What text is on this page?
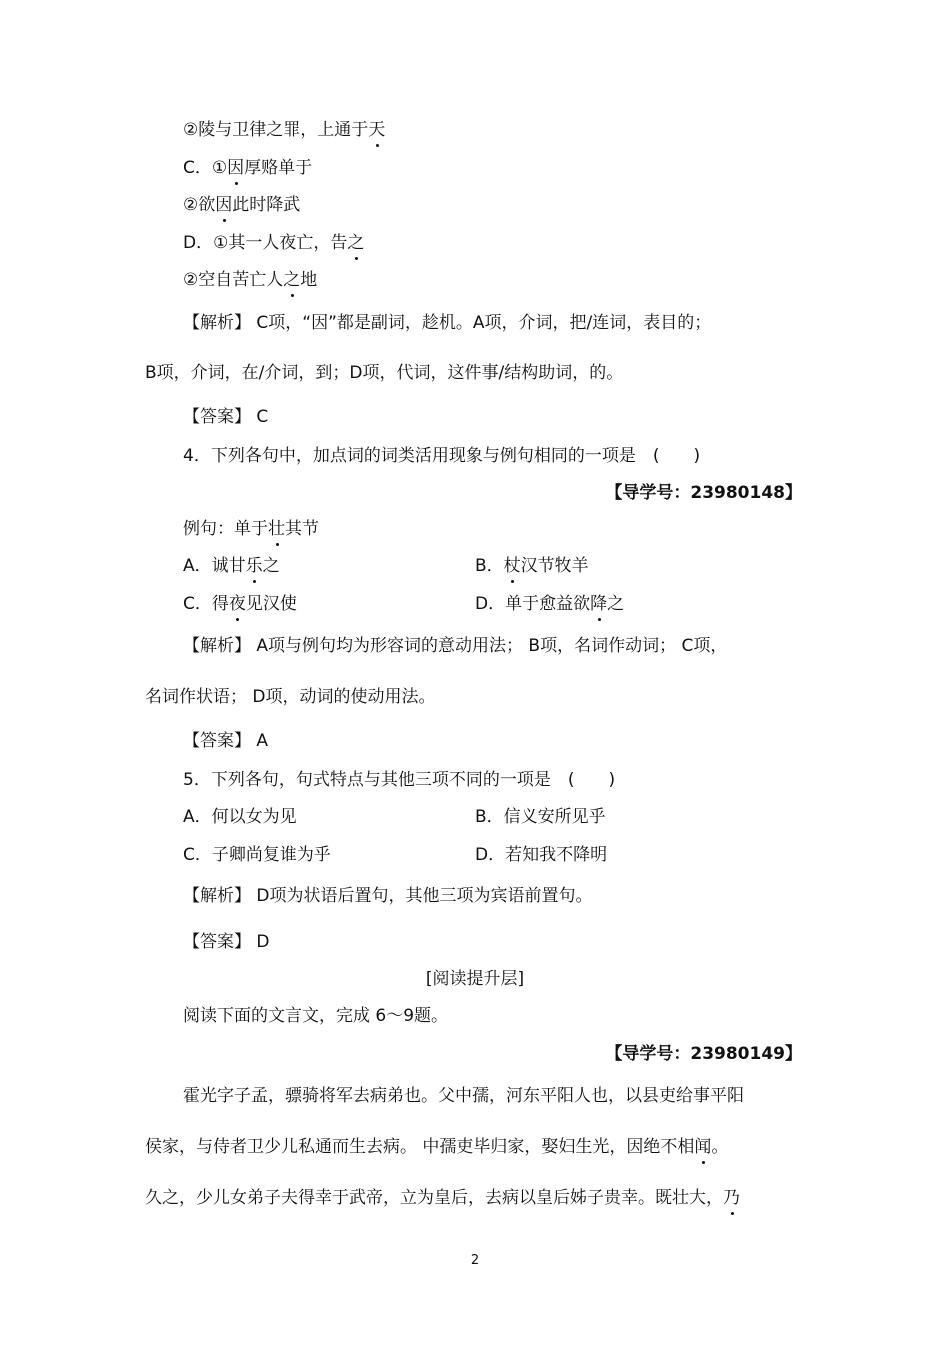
②陵与卫律之罪，上通于天
C．①因厚赂单于
②欲因此时降武
D．①其一人夜亡，告之
②空自苦亡人之地
【解析】 C项，“因”都是副词，趁机。A项，介词，把/连词，表目的；
B项，介词，在/介词，到；D项，代词，这件事/结构助词，的。
【答案】 C
4．下列各句中，加点词的词类活用现象与例句相同的一项是　(　　)
【导学号：23980148】
例句：单于壮其节
A．诚甘乐之	B．杖汉节牧羊
C．得夜见汉使	D．单于愈益欲降之
【解析】 A项与例句均为形容词的意动用法； B项，名词作动词； C项，
名词作状语； D项，动词的使动用法。
【答案】 A
5．下列各句，句式特点与其他三项不同的一项是　(　　)
A．何以女为见	B．信义安所见乎
C．子卿尚复谁为乎	D．若知我不降明
【解析】 D项为状语后置句，其他三项为宾语前置句。
【答案】 D
[阅读提升层]
阅读下面的文言文，完成 6～9题。
【导学号：23980149】
霍光字子孟，骠骑将军去病弟也。父中孺，河东平阳人也，以县吏给事平阳
侯家，与侍者卫少儿私通而生去病。 中孺吏毕归家，娶妇生光，因绝不相闻。
久之，少儿女弟子夫得幸于武帝，立为皇后，去病以皇后姊子贵幸。既壮大，乃
2
